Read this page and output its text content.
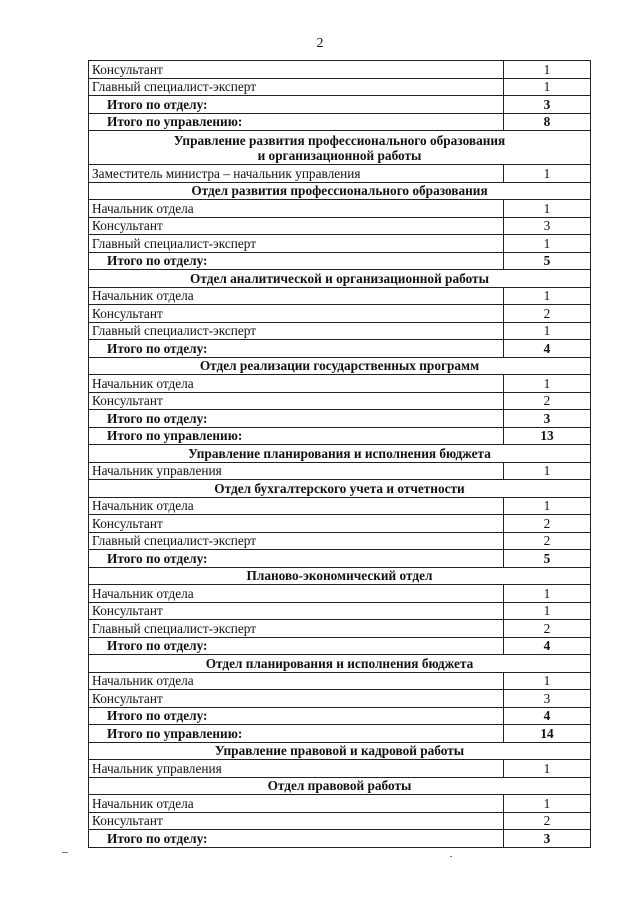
2
Консультант	1
Главный специалист-эксперт	1
Итого по отделу:	3
Итого по управлению:	8
Управление развития профессионального образования
и организационной работы	
Заместитель министра – начальник управления	1
Отдел развития профессионального образования	
Начальник отдела	1
Консультант	3
Главный специалист-эксперт	1
Итого по отделу:	5
Отдел аналитической и организационной работы	
Начальник отдела	1
Консультант	2
Главный специалист-эксперт	1
Итого по отделу:	4
Отдел реализации государственных программ	
Начальник отдела	1
Консультант	2
Итого по отделу:	3
Итого по управлению:	13
Управление планирования и исполнения бюджета	
Начальник управления	1
Отдел бухгалтерского учета и отчетности	
Начальник отдела	1
Консультант	2
Главный специалист-эксперт	2
Итого по отделу:	5
Планово-экономический отдел	
Начальник отдела	1
Консультант	1
Главный специалист-эксперт	2
Итого по отделу:	4
Отдел планирования и исполнения бюджета	
Начальник отдела	1
Консультант	3
Итого по отделу:	4
Итого по управлению:	14
Управление правовой и кадровой работы	
Начальник управления	1
Отдел правовой работы	
Начальник отдела	1
Консультант	2
Итого по отделу:	3
